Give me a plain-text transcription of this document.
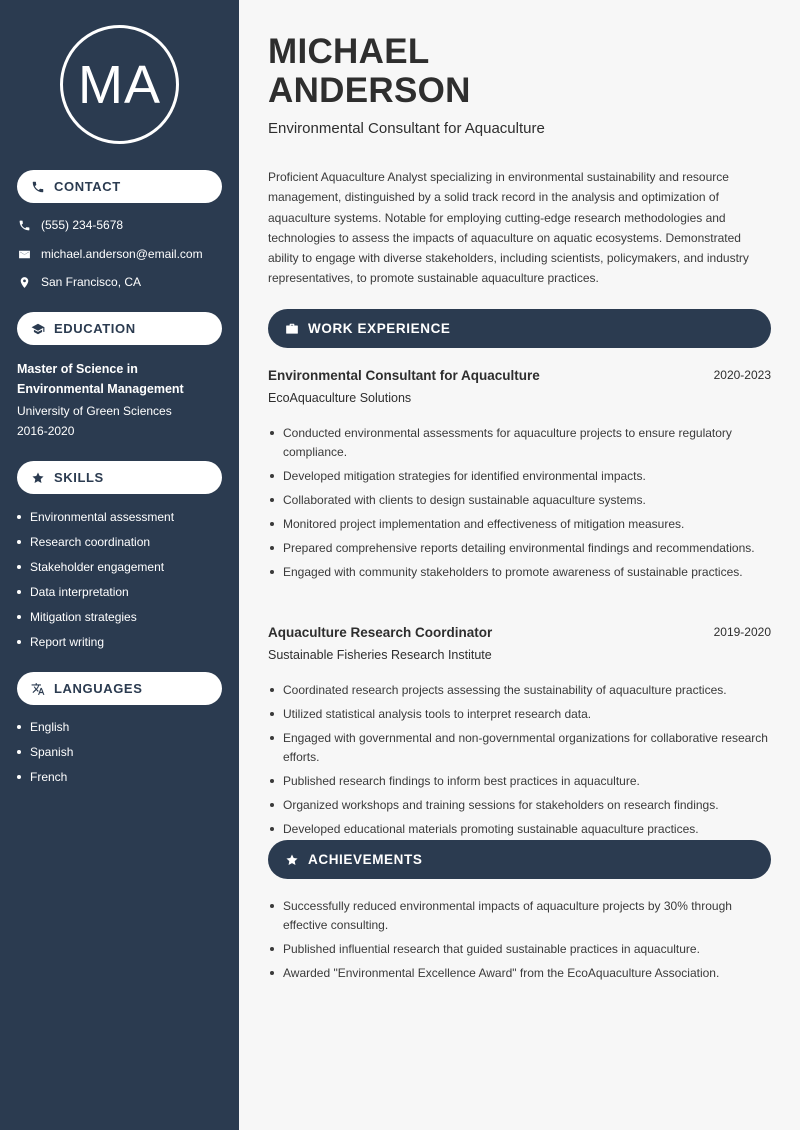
MA
CONTACT
(555) 234-5678
michael.anderson@email.com
San Francisco, CA
EDUCATION
Master of Science in Environmental Management
University of Green Sciences
2016-2020
SKILLS
Environmental assessment
Research coordination
Stakeholder engagement
Data interpretation
Mitigation strategies
Report writing
LANGUAGES
English
Spanish
French
MICHAEL
ANDERSON
Environmental Consultant for Aquaculture

Proficient Aquaculture Analyst specializing in environmental sustainability and resource management, distinguished by a solid track record in the analysis and optimization of aquaculture systems. Notable for employing cutting-edge research methodologies and technologies to assess the impacts of aquaculture on aquatic ecosystems. Demonstrated ability to engage with diverse stakeholders, including scientists, policymakers, and industry representatives, to promote sustainable aquaculture practices.

WORK EXPERIENCE
Environmental Consultant for Aquaculture	2020-2023
EcoAquaculture Solutions
Conducted environmental assessments for aquaculture projects to ensure regulatory compliance.
Developed mitigation strategies for identified environmental impacts.
Collaborated with clients to design sustainable aquaculture systems.
Monitored project implementation and effectiveness of mitigation measures.
Prepared comprehensive reports detailing environmental findings and recommendations.
Engaged with community stakeholders to promote awareness of sustainable practices.
Aquaculture Research Coordinator	2019-2020
Sustainable Fisheries Research Institute
Coordinated research projects assessing the sustainability of aquaculture practices.
Utilized statistical analysis tools to interpret research data.
Engaged with governmental and non-governmental organizations for collaborative research efforts.
Published research findings to inform best practices in aquaculture.
Organized workshops and training sessions for stakeholders on research findings.
Developed educational materials promoting sustainable aquaculture practices.
ACHIEVEMENTS
Successfully reduced environmental impacts of aquaculture projects by 30% through effective consulting.
Published influential research that guided sustainable practices in aquaculture.
Awarded "Environmental Excellence Award" from the EcoAquaculture Association.
